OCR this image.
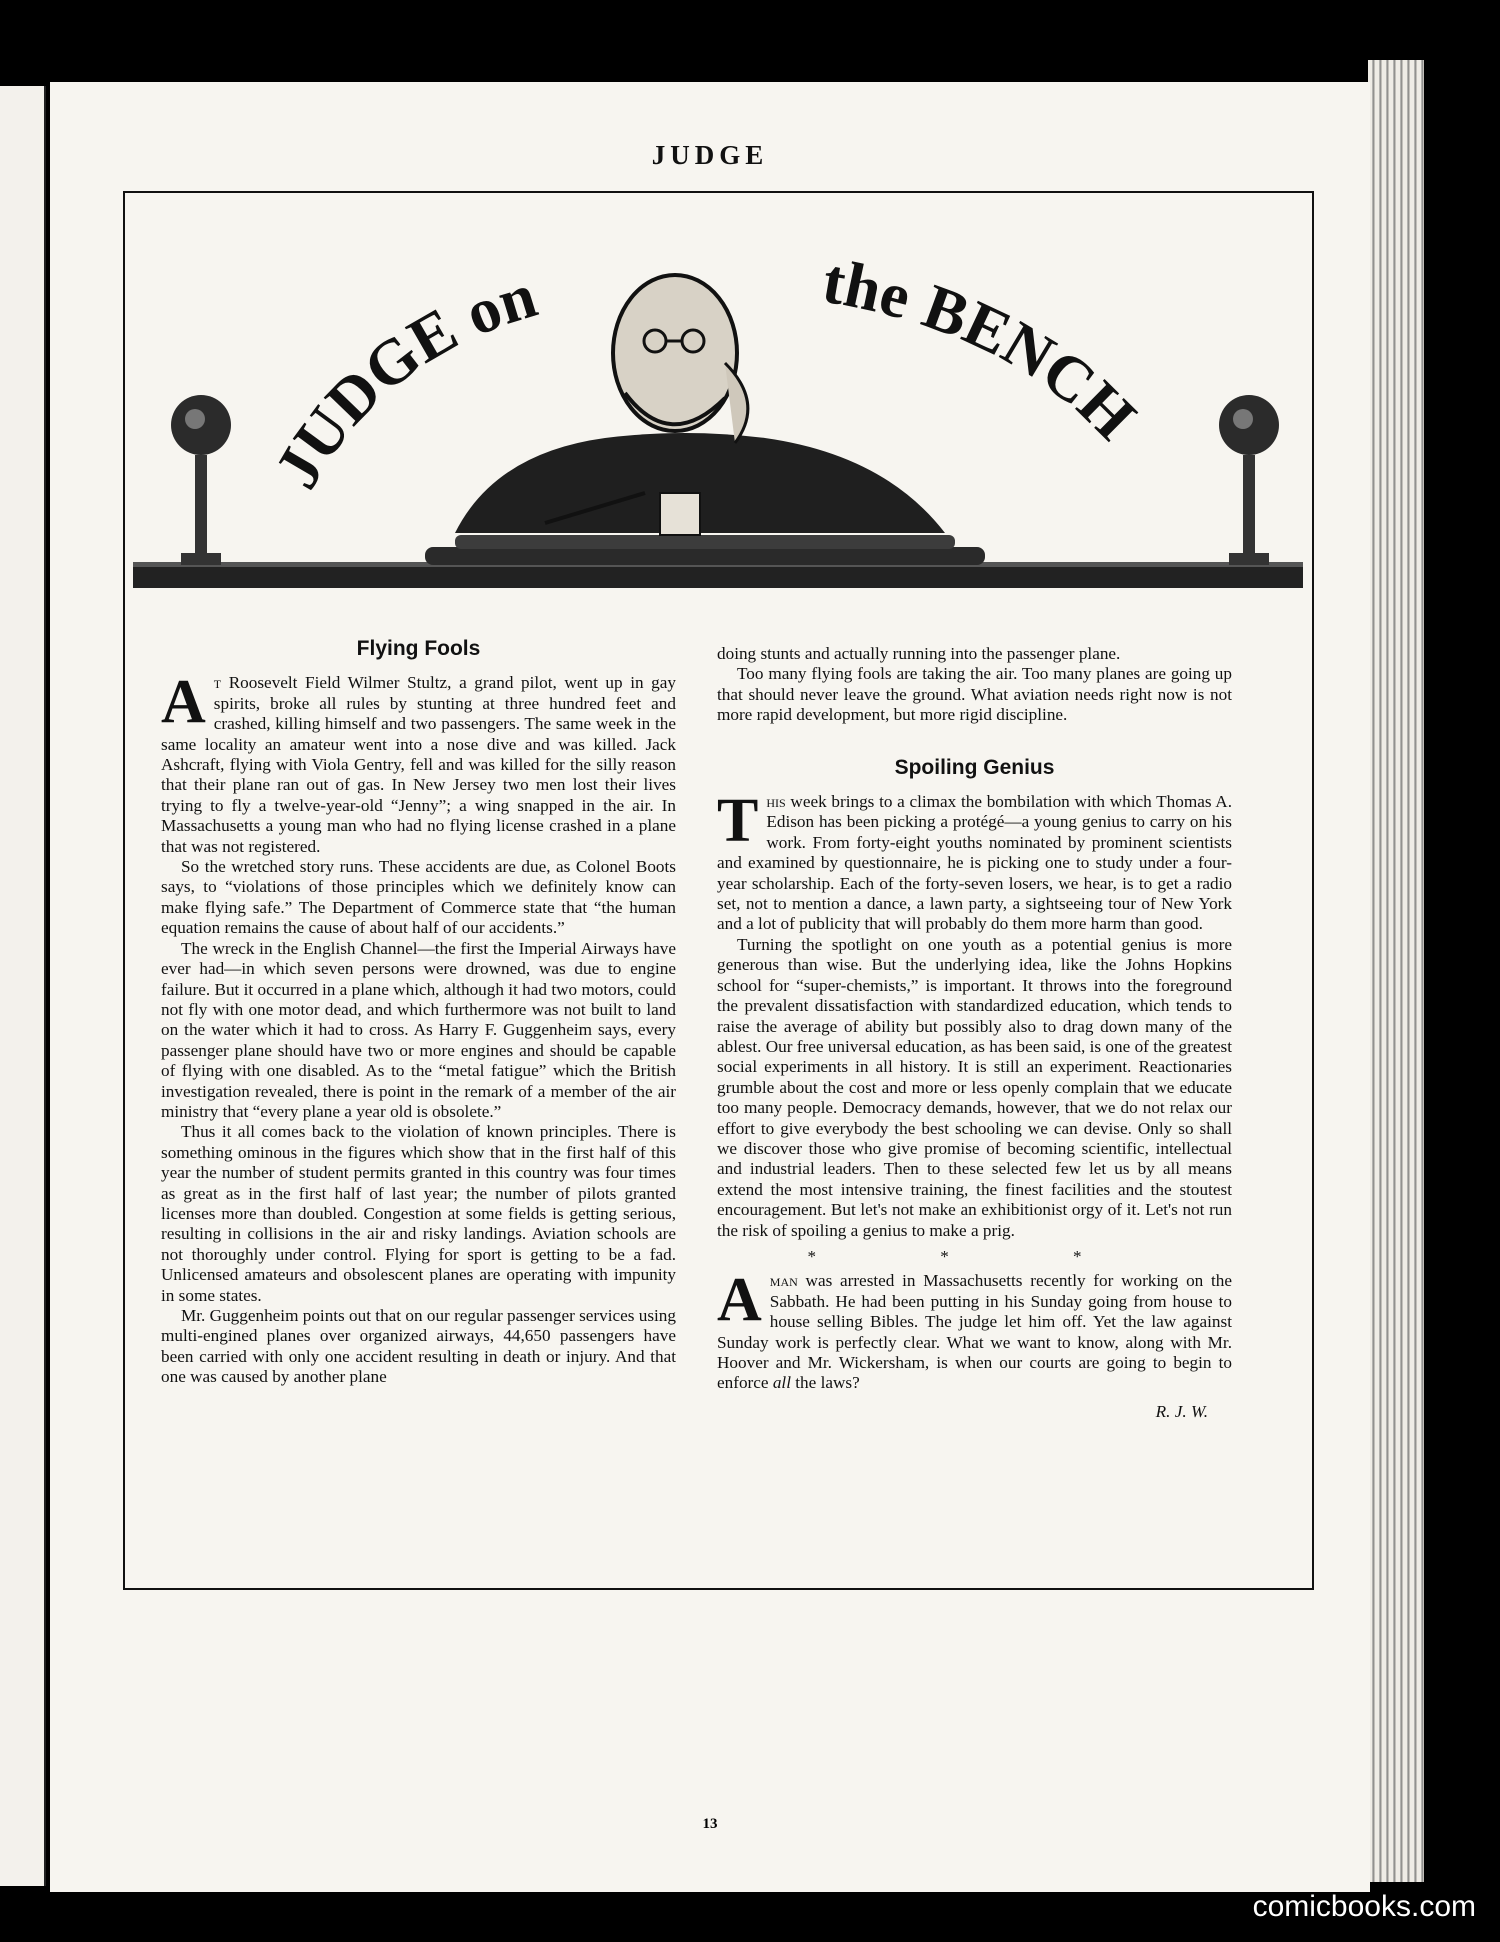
JUDGE
JUDGE on	the BENCH
Flying Fools

At Roosevelt Field Wilmer Stultz, a grand pilot, went up in gay spirits, broke all rules by stunting at three hundred feet and crashed, killing himself and two passengers. The same week in the same locality an amateur went into a nose dive and was killed. Jack Ashcraft, flying with Viola Gentry, fell and was killed for the silly reason that their plane ran out of gas. In New Jersey two men lost their lives trying to fly a twelve-year-old “Jenny”; a wing snapped in the air. In Massachusetts a young man who had no flying license crashed in a plane that was not registered.

So the wretched story runs. These accidents are due, as Colonel Boots says, to “violations of those principles which we definitely know can make flying safe.” The Department of Commerce state that “the human equation remains the cause of about half of our accidents.”

The wreck in the English Channel—the first the Imperial Airways have ever had—in which seven persons were drowned, was due to engine failure. But it occurred in a plane which, although it had two motors, could not fly with one motor dead, and which furthermore was not built to land on the water which it had to cross. As Harry F. Guggenheim says, every passenger plane should have two or more engines and should be capable of flying with one disabled. As to the “metal fatigue” which the British investigation revealed, there is point in the remark of a member of the air ministry that “every plane a year old is obsolete.”

Thus it all comes back to the violation of known principles. There is something ominous in the figures which show that in the first half of this year the number of student permits granted in this country was four times as great as in the first half of last year; the number of pilots granted licenses more than doubled. Congestion at some fields is getting serious, resulting in collisions in the air and risky landings. Aviation schools are not thoroughly under control. Flying for sport is getting to be a fad. Unlicensed amateurs and obsolescent planes are operating with impunity in some states.

Mr. Guggenheim points out that on our regular passenger services using multi-engined planes over organized airways, 44,650 passengers have been carried with only one accident resulting in death or injury. And that one was caused by another plane

doing stunts and actually running into the passenger plane.

Too many flying fools are taking the air. Too many planes are going up that should never leave the ground. What aviation needs right now is not more rapid development, but more rigid discipline.

Spoiling Genius

This week brings to a climax the bombilation with which Thomas A. Edison has been picking a protégé—a young genius to carry on his work. From forty-eight youths nominated by prominent scientists and examined by questionnaire, he is picking one to study under a four-year scholarship. Each of the forty-seven losers, we hear, is to get a radio set, not to mention a dance, a lawn party, a sightseeing tour of New York and a lot of publicity that will probably do them more harm than good.

Turning the spotlight on one youth as a potential genius is more generous than wise. But the underlying idea, like the Johns Hopkins school for “super-chemists,” is important. It throws into the foreground the prevalent dissatisfaction with standardized education, which tends to raise the average of ability but possibly also to drag down many of the ablest. Our free universal education, as has been said, is one of the greatest social experiments in all history. It is still an experiment. Reactionaries grumble about the cost and more or less openly complain that we educate too many people. Democracy demands, however, that we do not relax our effort to give everybody the best schooling we can devise. Only so shall we discover those who give promise of becoming scientific, intellectual and industrial leaders. Then to these selected few let us by all means extend the most intensive training, the finest facilities and the stoutest encouragement. But let's not make an exhibitionist orgy of it. Let's not run the risk of spoiling a genius to make a prig.

* * *

Aman was arrested in Massachusetts recently for working on the Sabbath. He had been putting in his Sunday going from house to house selling Bibles. The judge let him off. Yet the law against Sunday work is perfectly clear. What we want to know, along with Mr. Hoover and Mr. Wickersham, is when our courts are going to begin to enforce all the laws?

R. J. W.
13
comicbooks.com
